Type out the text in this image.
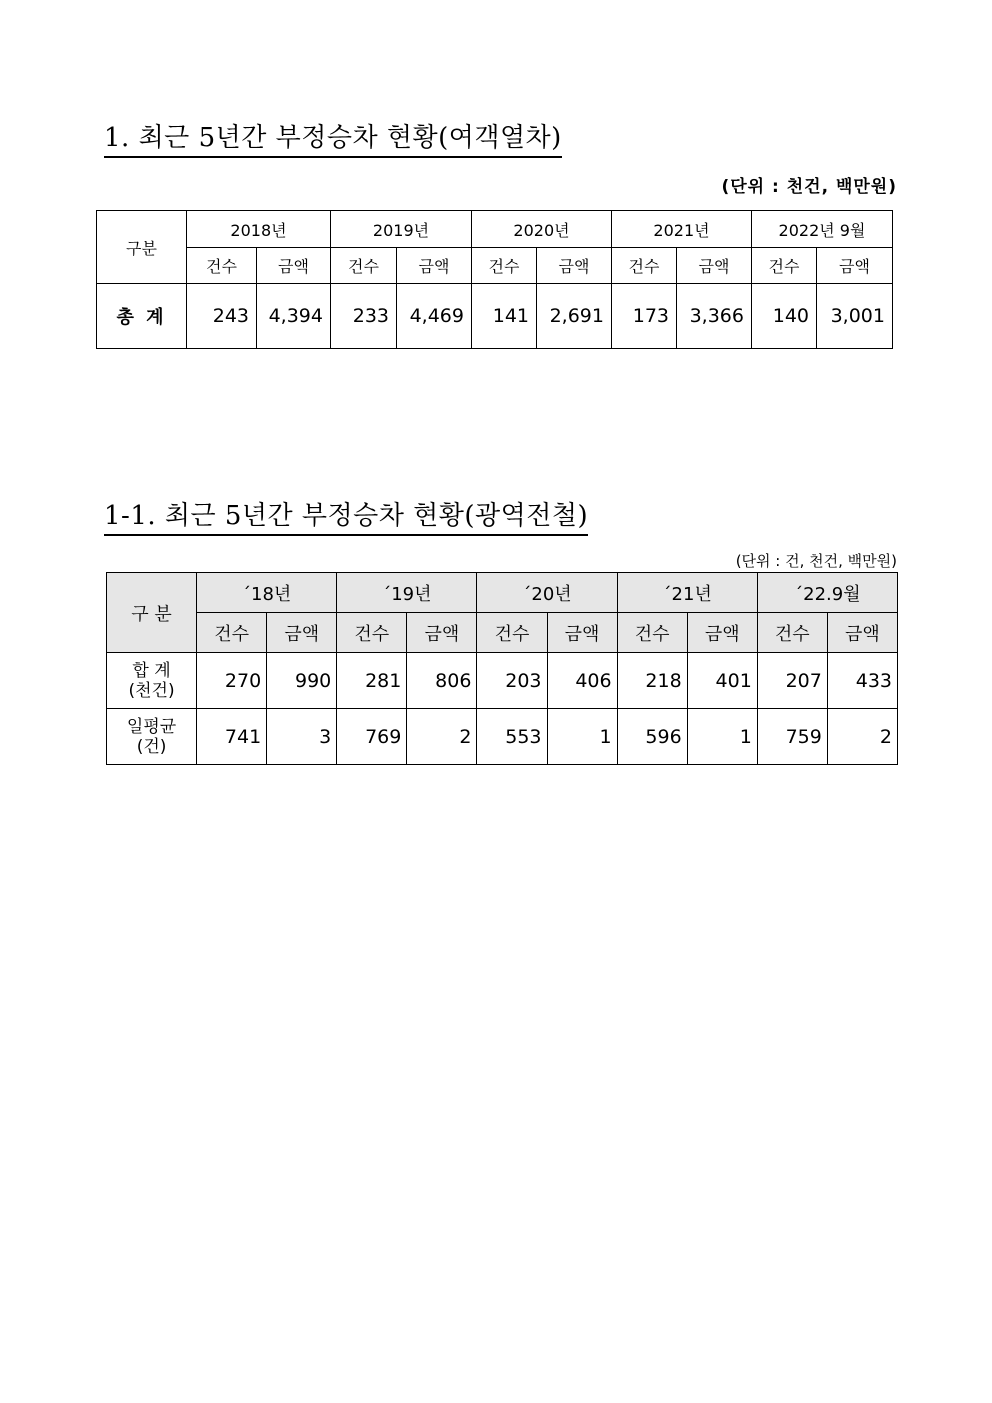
1. 최근 5년간 부정승차 현황(여객열차)
(단위 : 천건, 백만원)
구분	2018년		2019년		2020년		2021년		2022년 9월	
	건수	금액	건수	금액	건수	금액	건수	금액	건수	금액
총 계	243	4,394	233	4,469	141	2,691	173	3,366	140	3,001
1-1. 최근 5년간 부정승차 현황(광역전철)
(단위 : 건, 천건, 백만원)
구 분	´18년		´19년		´20년		´21년		´22.9월	
	건수	금액	건수	금액	건수	금액	건수	금액	건수	금액
합 계
(천건)	270	990	281	806	203	406	218	401	207	433
일평균
(건)	741	3	769	2	553	1	596	1	759	2
